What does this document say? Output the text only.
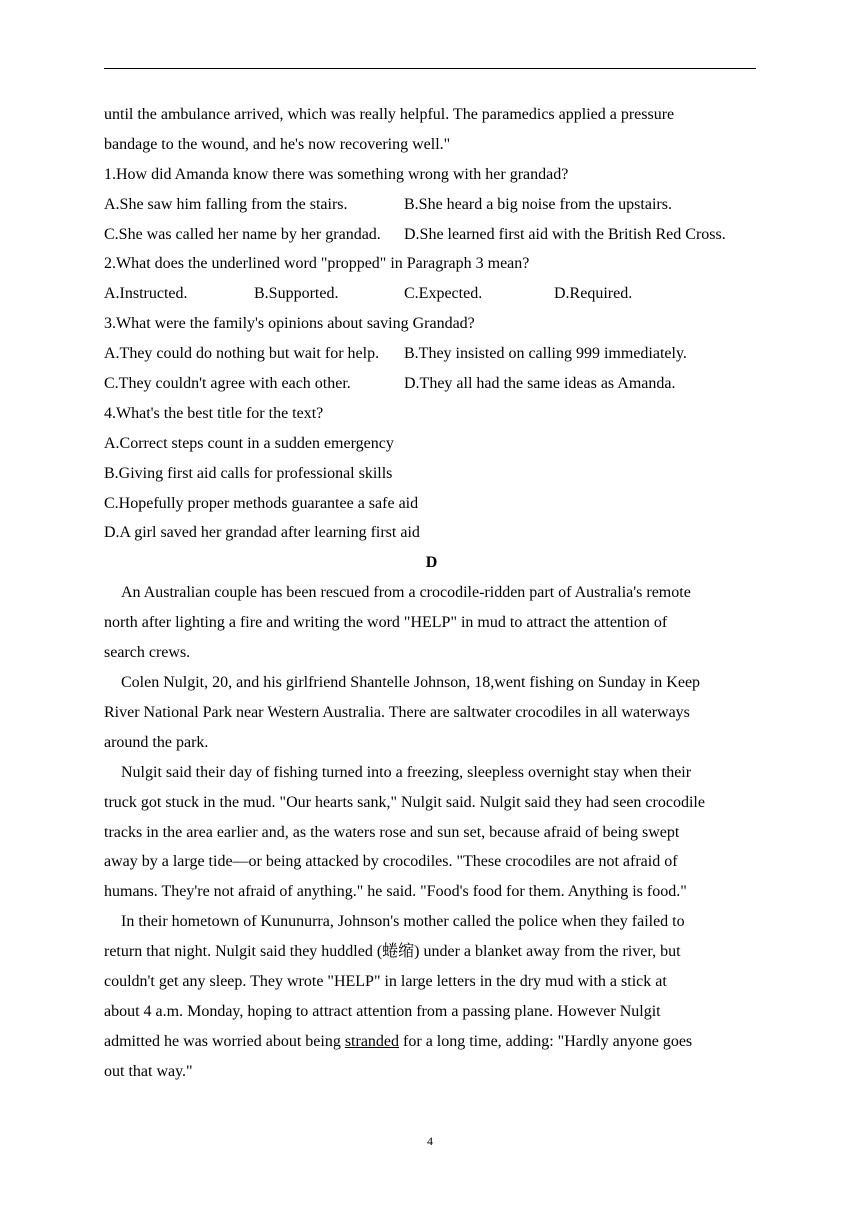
until the ambulance arrived, which was really helpful. The paramedics applied a pressure
bandage to the wound, and he's now recovering well."
1.How did Amanda know there was something wrong with her grandad?
A.She saw him falling from the stairs.	B.She heard a big noise from the upstairs.
C.She was called her name by her grandad.	D.She learned first aid with the British Red Cross.
2.What does the underlined word "propped" in Paragraph 3 mean?
A.Instructed.	B.Supported.	C.Expected.	D.Required.
3.What were the family's opinions about saving Grandad?
A.They could do nothing but wait for help.	B.They insisted on calling 999 immediately.
C.They couldn't agree with each other.	D.They all had the same ideas as Amanda.
4.What's the best title for the text?
A.Correct steps count in a sudden emergency
B.Giving first aid calls for professional skills
C.Hopefully proper methods guarantee a safe aid
D.A girl saved her grandad after learning first aid
D

An Australian couple has been rescued from a crocodile-ridden part of Australia's remote
north after lighting a fire and writing the word "HELP" in mud to attract the attention of
search crews.

Colen Nulgit, 20, and his girlfriend Shantelle Johnson, 18,went fishing on Sunday in Keep
River National Park near Western Australia. There are saltwater crocodiles in all waterways
around the park.

Nulgit said their day of fishing turned into a freezing, sleepless overnight stay when their
truck got stuck in the mud. "Our hearts sank," Nulgit said. Nulgit said they had seen crocodile
tracks in the area earlier and, as the waters rose and sun set, because afraid of being swept
away by a large tide—or being attacked by crocodiles. "These crocodiles are not afraid of
humans. They're not afraid of anything." he said. "Food's food for them. Anything is food."

In their hometown of Kununurra, Johnson's mother called the police when they failed to
return that night. Nulgit said they huddled (蜷缩) under a blanket away from the river, but
couldn't get any sleep. They wrote "HELP" in large letters in the dry mud with a stick at
about 4 a.m. Monday, hoping to attract attention from a passing plane. However Nulgit
admitted he was worried about being stranded for a long time, adding: "Hardly anyone goes
out that way."

4
